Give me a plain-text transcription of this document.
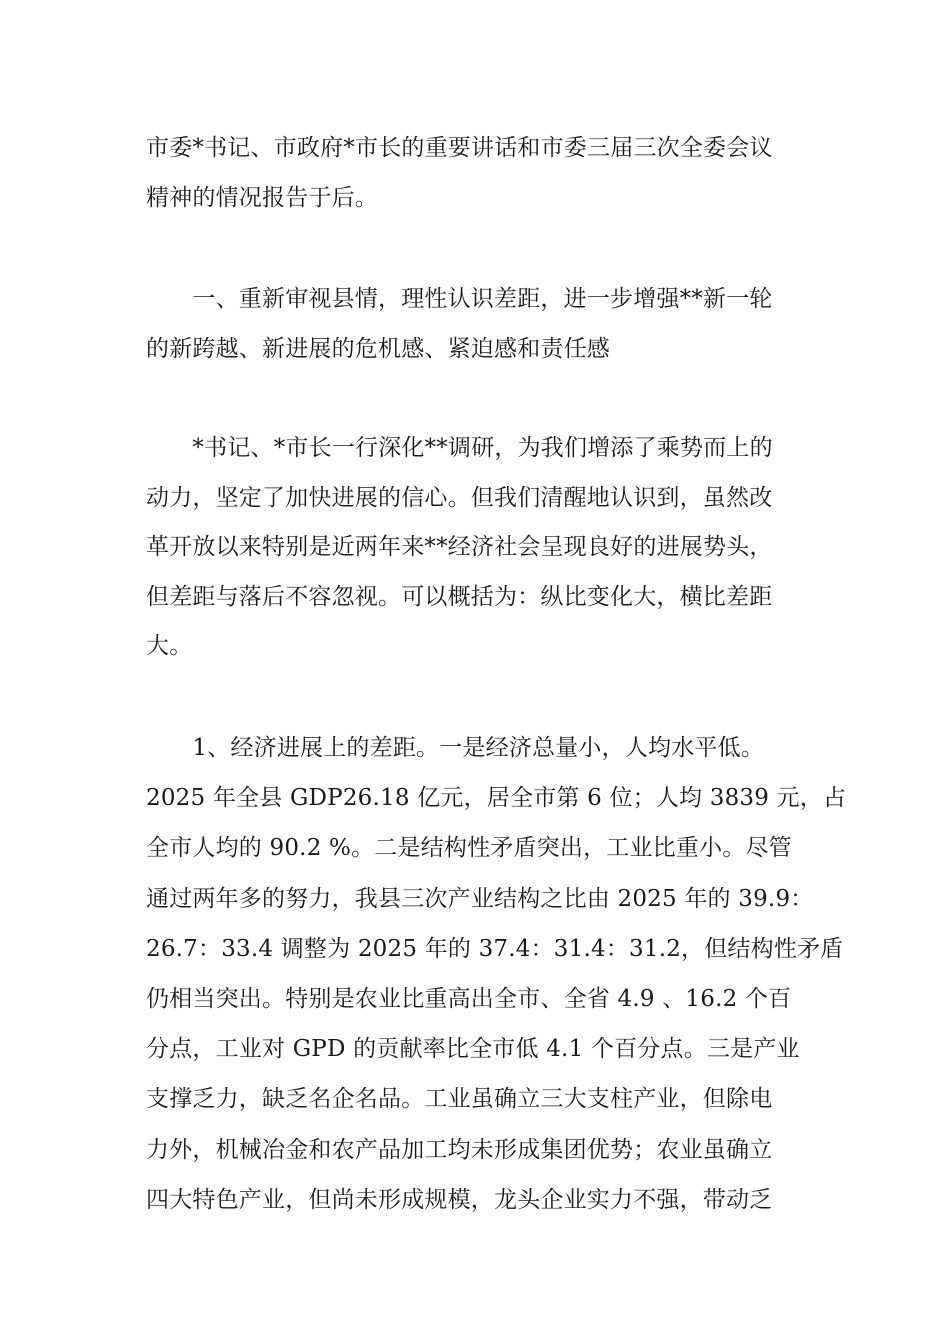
市委*书记、市政府*市长的重要讲话和市委三届三次全委会议
精神的情况报告于后。
　　一、重新审视县情，理性认识差距，进一步增强**新一轮
的新跨越、新进展的危机感、紧迫感和责任感
　　*书记、*市长一行深化**调研，为我们增添了乘势而上的
动力，坚定了加快进展的信心。但我们清醒地认识到，虽然改
革开放以来特别是近两年来**经济社会呈现良好的进展势头，
但差距与落后不容忽视。可以概括为：纵比变化大，横比差距
大。
　　1、经济进展上的差距。一是经济总量小，人均水平低。
2025 年全县 GDP26.18 亿元，居全市第 6 位；人均 3839 元，占
全市人均的 90.2 %。二是结构性矛盾突出，工业比重小。尽管
通过两年多的努力，我县三次产业结构之比由 2025 年的 39.9：
26.7：33.4 调整为 2025 年的 37.4：31.4：31.2，但结构性矛盾
仍相当突出。特别是农业比重高出全市、全省 4.9 、16.2 个百
分点，工业对 GPD 的贡献率比全市低 4.1 个百分点。三是产业
支撑乏力，缺乏名企名品。工业虽确立三大支柱产业，但除电
力外，机械冶金和农产品加工均未形成集团优势；农业虽确立
四大特色产业，但尚未形成规模，龙头企业实力不强，带动乏
